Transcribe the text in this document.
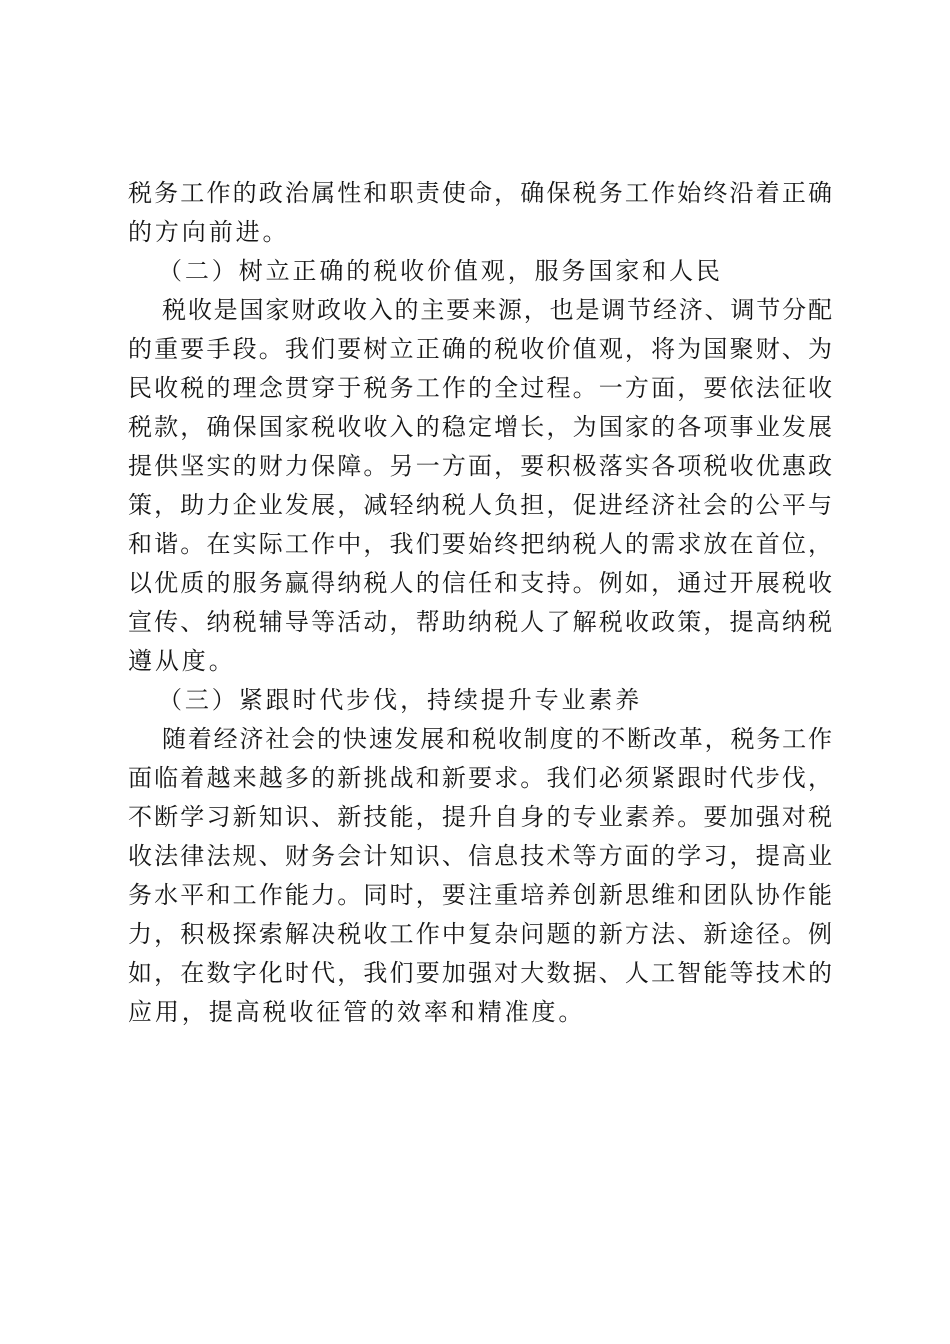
税务工作的政治属性和职责使命，确保税务工作始终沿着正确
的方向前进。
（二）树立正确的税收价值观，服务国家和人民
税收是国家财政收入的主要来源，也是调节经济、调节分配
的重要手段。我们要树立正确的税收价值观，将为国聚财、为
民收税的理念贯穿于税务工作的全过程。一方面，要依法征收
税款，确保国家税收收入的稳定增长，为国家的各项事业发展
提供坚实的财力保障。另一方面，要积极落实各项税收优惠政
策，助力企业发展，减轻纳税人负担，促进经济社会的公平与
和谐。在实际工作中，我们要始终把纳税人的需求放在首位，
以优质的服务赢得纳税人的信任和支持。例如，通过开展税收
宣传、纳税辅导等活动，帮助纳税人了解税收政策，提高纳税
遵从度。
（三）紧跟时代步伐，持续提升专业素养
随着经济社会的快速发展和税收制度的不断改革，税务工作
面临着越来越多的新挑战和新要求。我们必须紧跟时代步伐，
不断学习新知识、新技能，提升自身的专业素养。要加强对税
收法律法规、财务会计知识、信息技术等方面的学习，提高业
务水平和工作能力。同时，要注重培养创新思维和团队协作能
力，积极探索解决税收工作中复杂问题的新方法、新途径。例
如，在数字化时代，我们要加强对大数据、人工智能等技术的
应用，提高税收征管的效率和精准度。
